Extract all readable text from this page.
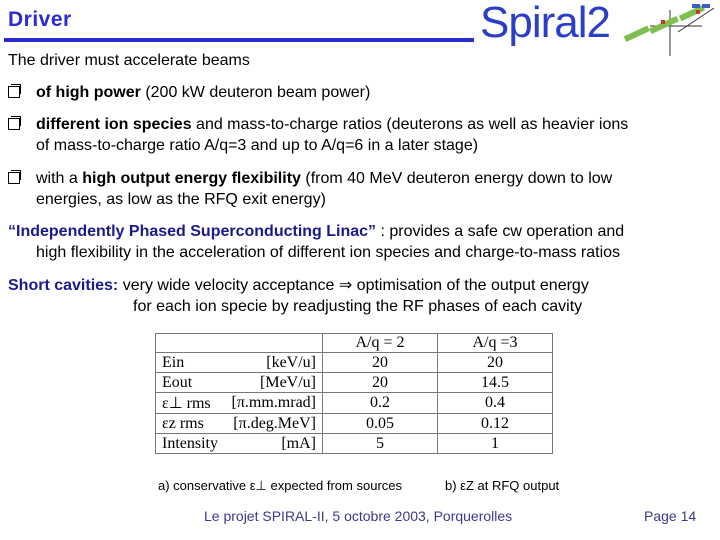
Driver	Spiral2
The driver must accelerate beams
of high power (200 kW deuteron beam power)
different ion species and mass-to-charge ratios (deuterons as well as heavier ions
of mass-to-charge ratio A/q=3 and up to A/q=6 in a later stage)
with a high output energy flexibility (from 40 MeV deuteron energy down to low
energies, as low as the RFQ exit energy)
“Independently Phased Superconducting Linac” : provides a safe cw operation and
high flexibility in the acceleration of different ion species and charge-to-mass ratios
Short cavities: very wide velocity acceptance ⇒ optimisation of the output energy
for each ion specie by readjusting the RF phases of each cavity
		A/q = 2	A/q =3
Ein	[keV/u]	20	20
Eout	[MeV/u]	20	14.5
ε⊥ rms	[π.mm.mrad]	0.2	0.4
εz rms	[π.deg.MeV]	0.05	0.12
Intensity	[mA]	5	1
a) conservative ε⊥ expected from sources	b) εZ at RFQ output
Le projet SPIRAL-II, 5 octobre 2003, Porquerolles	Page 14
